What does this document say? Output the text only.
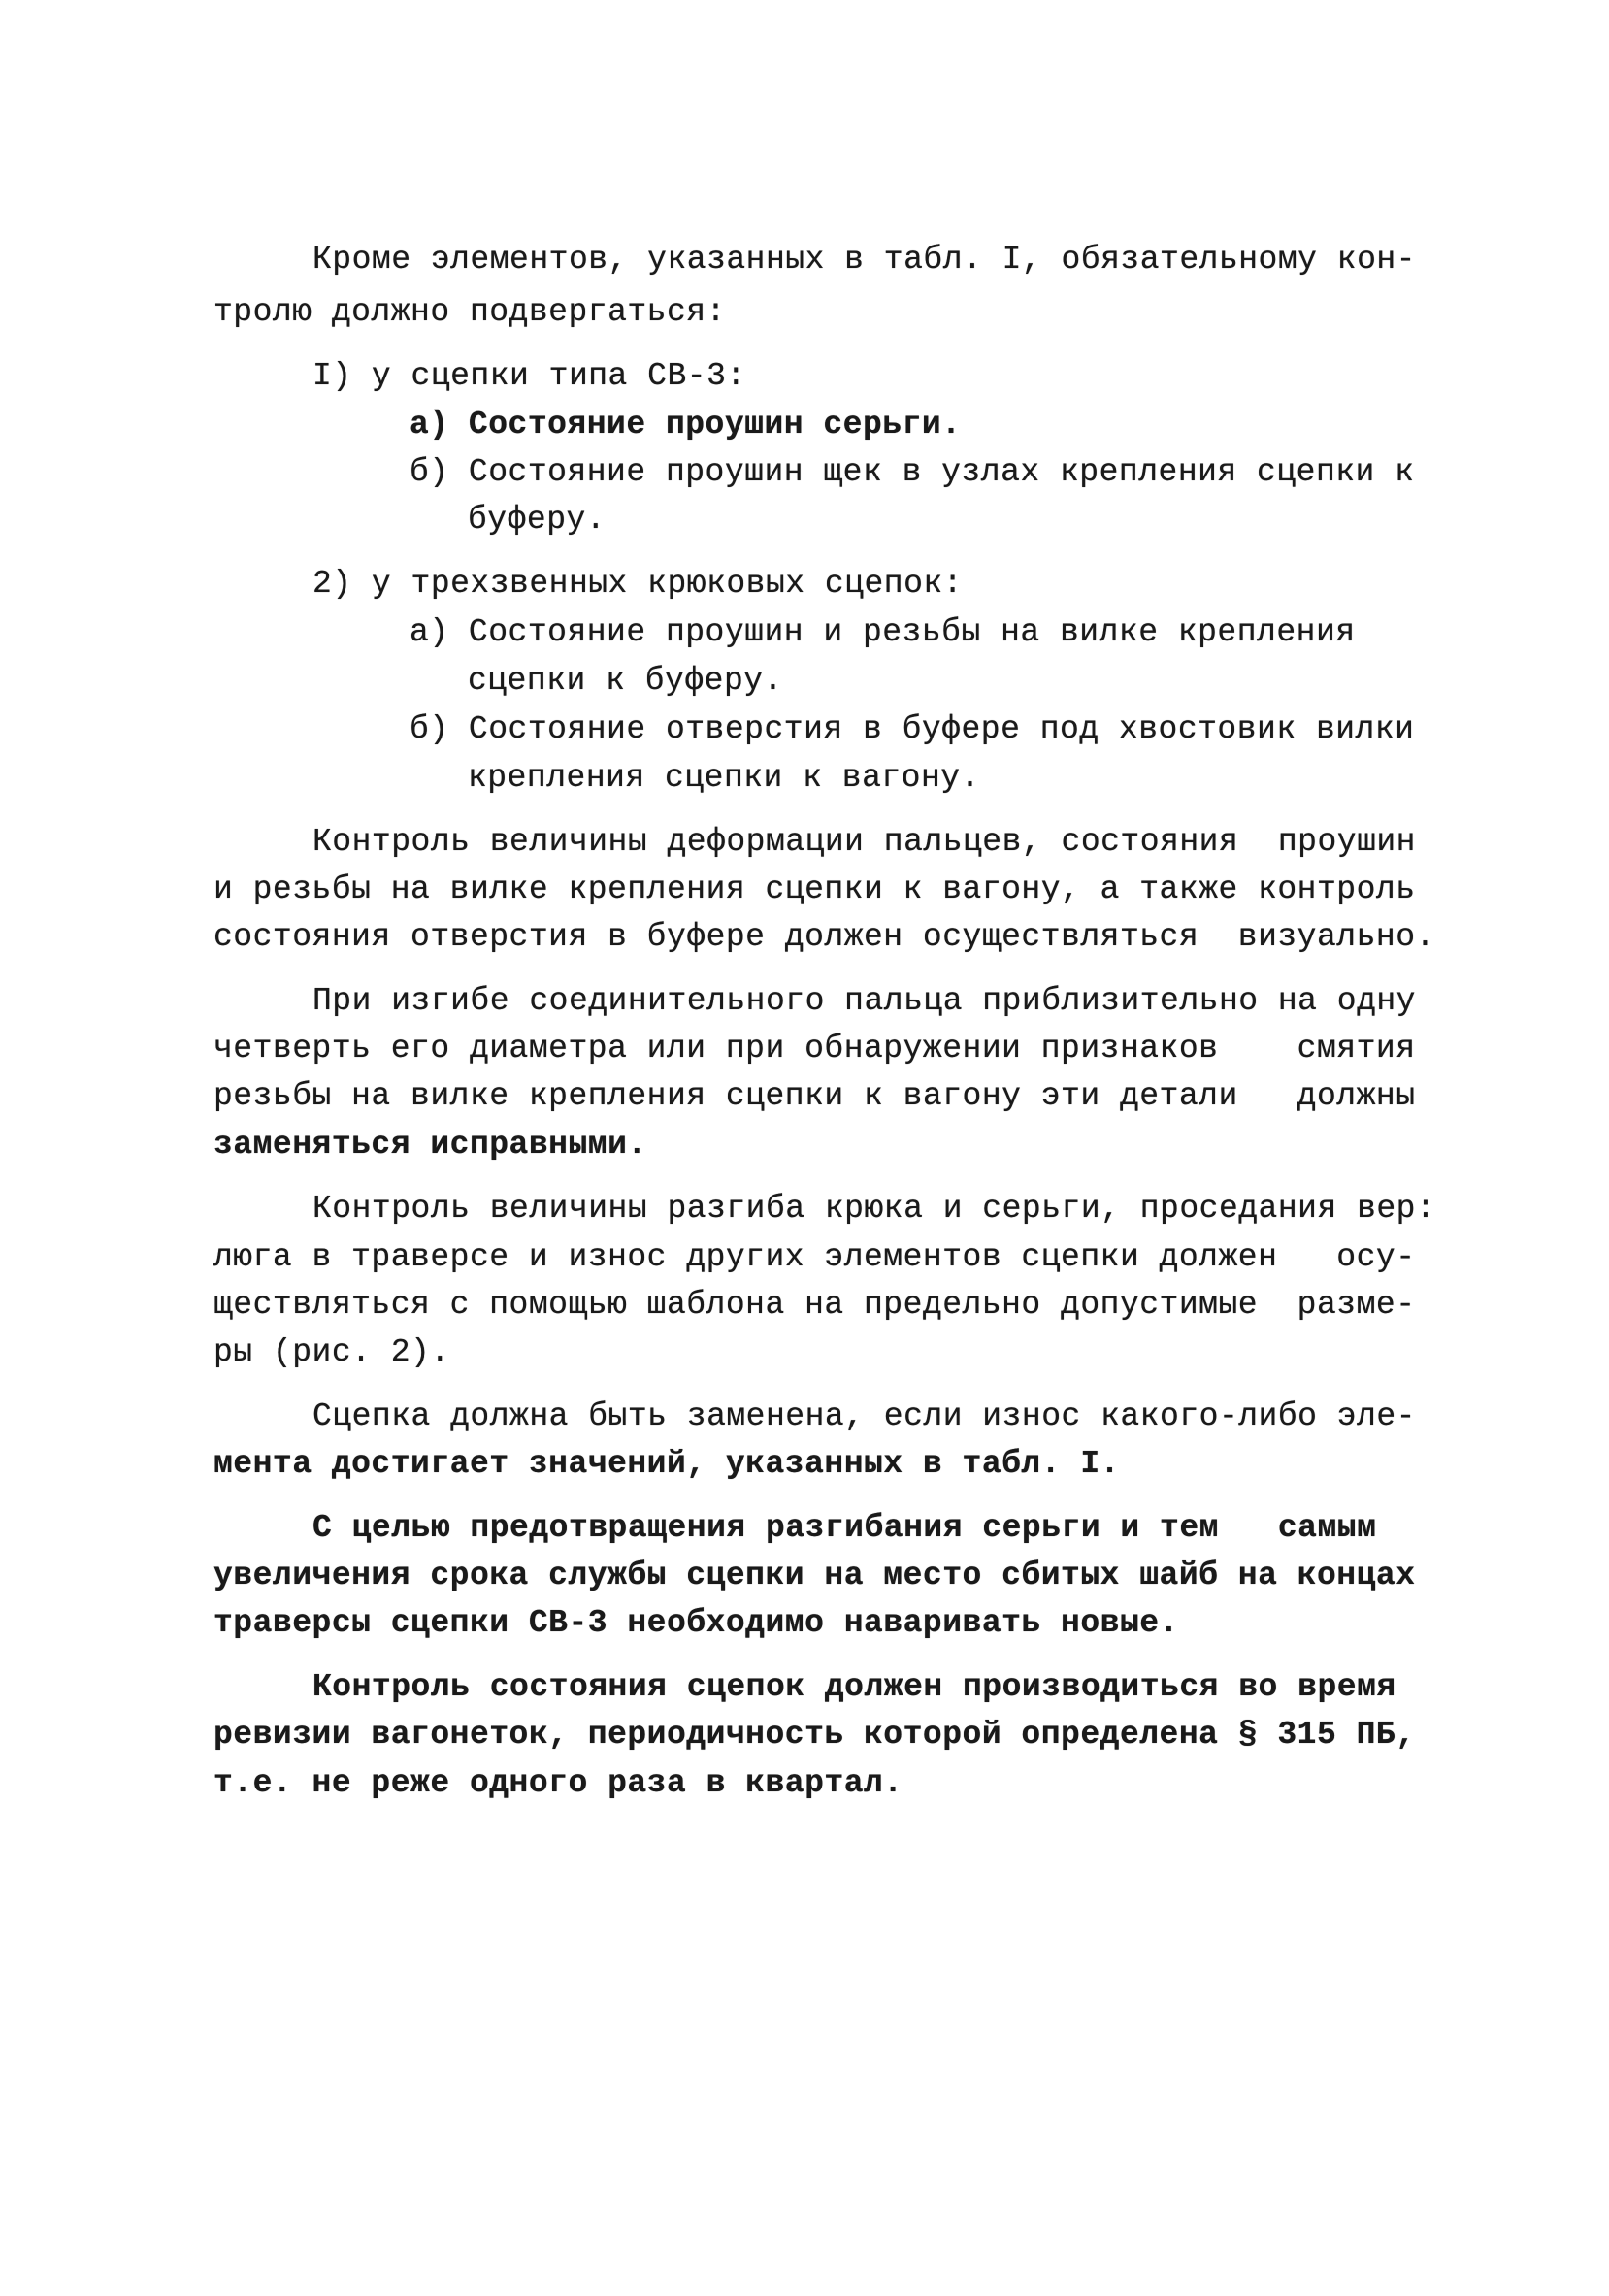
Кроме элементов, указанных в табл. I, обязательному кон-
тролю должно подвергаться:
I) у сцепки типа СВ-3:
а) Состояние проушин серьги.
б) Состояние проушин щек в узлах крепления сцепки к
буферу.
2) у трехзвенных крюковых сцепок:
а) Состояние проушин и резьбы на вилке крепления
сцепки к буферу.
б) Состояние отверстия в буфере под хвостовик вилки
крепления сцепки к вагону.
Контроль величины деформации пальцев, состояния  проушин
и резьбы на вилке крепления сцепки к вагону, а также контроль
состояния отверстия в буфере должен осуществляться  визуально.
При изгибе соединительного пальца приблизительно на одну
четверть его диаметра или при обнаружении признаков    смятия
резьбы на вилке крепления сцепки к вагону эти детали   должны
заменяться исправными.
Контроль величины разгиба крюка и серьги, проседания вер:
люга в траверсе и износ других элементов сцепки должен   осу-
ществляться с помощью шаблона на предельно допустимые  разме-
ры (рис. 2).
Сцепка должна быть заменена, если износ какого-либо эле-
мента достигает значений, указанных в табл. I.
С целью предотвращения разгибания серьги и тем   самым
увеличения срока службы сцепки на место сбитых шайб на концах
траверсы сцепки СВ-3 необходимо наваривать новые.
Контроль состояния сцепок должен производиться во время
ревизии вагонеток, периодичность которой определена § 315 ПБ,
т.е. не реже одного раза в квартал.
